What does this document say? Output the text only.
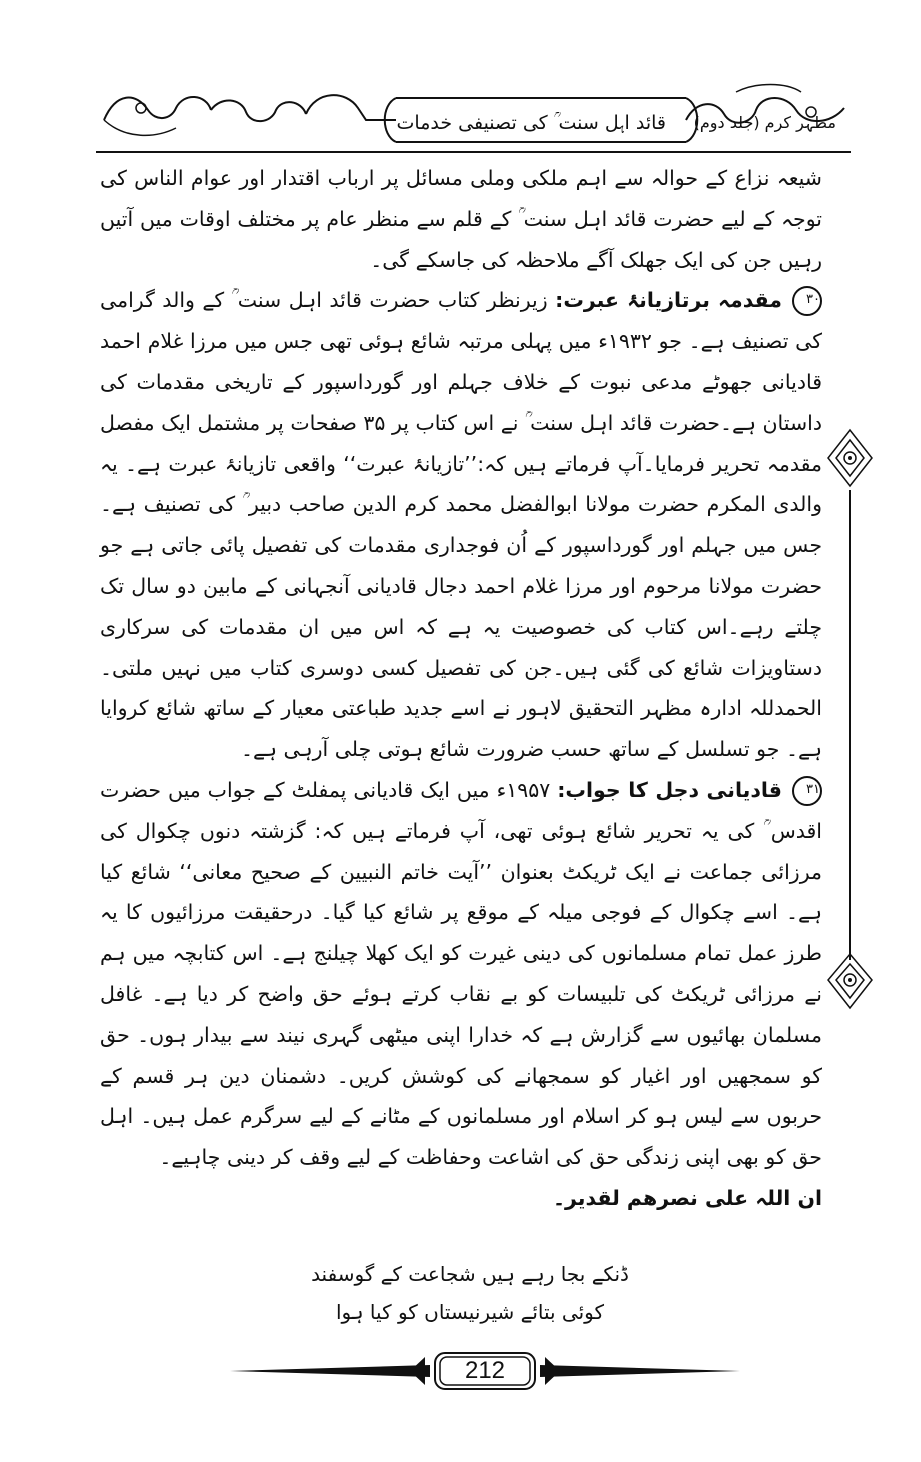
قائد اہل سنت ؒ کی تصنیفی خدمات مظہر کرم (جلد دوم)

شیعہ نزاع کے حوالہ سے اہم ملکی وملی مسائل پر ارباب اقتدار اور عوام الناس کی توجہ کے لیے حضرت قائد اہل سنت ؒ کے قلم سے منظر عام پر مختلف اوقات میں آتیں رہیں جن کی ایک جھلک آگے ملاحظہ کی جاسکے گی۔

۳۰مقدمہ برتازیانۂ عبرت: زیرنظر کتاب حضرت قائد اہل سنت ؒ کے والد گرامی کی تصنیف ہے۔ جو ۱۹۳۲ء میں پہلی مرتبہ شائع ہوئی تھی جس میں مرزا غلام احمد قادیانی جھوٹے مدعی نبوت کے خلاف جہلم اور گورداسپور کے تاریخی مقدمات کی داستان ہے۔حضرت قائد اہل سنت ؒ نے اس کتاب پر ۳۵ صفحات پر مشتمل ایک مفصل مقدمہ تحریر فرمایا۔آپ فرماتے ہیں کہ:’’تازیانۂ عبرت‘‘ واقعی تازیانۂ عبرت ہے۔ یہ والدی المکرم حضرت مولانا ابوالفضل محمد کرم الدین صاحب دبیر ؒ کی تصنیف ہے۔جس میں جہلم اور گورداسپور کے اُن فوجداری مقدمات کی تفصیل پائی جاتی ہے جو حضرت مولانا مرحوم اور مرزا غلام احمد دجال قادیانی آنجہانی کے مابین دو سال تک چلتے رہے۔اس کتاب کی خصوصیت یہ ہے کہ اس میں ان مقدمات کی سرکاری دستاویزات شائع کی گئی ہیں۔جن کی تفصیل کسی دوسری کتاب میں نہیں ملتی۔ الحمدللہ ادارہ مظہر التحقیق لاہور نے اسے جدید طباعتی معیار کے ساتھ شائع کروایا ہے۔ جو تسلسل کے ساتھ حسب ضرورت شائع ہوتی چلی آرہی ہے۔

۳۱قادیانی دجل کا جواب: ۱۹۵۷ء میں ایک قادیانی پمفلٹ کے جواب میں حضرت اقدس ؒ کی یہ تحریر شائع ہوئی تھی، آپ فرماتے ہیں کہ: گزشتہ دنوں چکوال کی مرزائی جماعت نے ایک ٹریکٹ بعنوان ’’آیت خاتم النبیین کے صحیح معانی‘‘ شائع کیا ہے۔ اسے چکوال کے فوجی میلہ کے موقع پر شائع کیا گیا۔ درحقیقت مرزائیوں کا یہ طرز عمل تمام مسلمانوں کی دینی غیرت کو ایک کھلا چیلنج ہے۔ اس کتابچہ میں ہم نے مرزائی ٹریکٹ کی تلبیسات کو بے نقاب کرتے ہوئے حق واضح کر دیا ہے۔ غافل مسلمان بھائیوں سے گزارش ہے کہ خدارا اپنی میٹھی گہری نیند سے بیدار ہوں۔ حق کو سمجھیں اور اغیار کو سمجھانے کی کوشش کریں۔ دشمنان دین ہر قسم کے حربوں سے لیس ہو کر اسلام اور مسلمانوں کے مٹانے کے لیے سرگرم عمل ہیں۔ اہل حق کو بھی اپنی زندگی حق کی اشاعت وحفاظت کے لیے وقف کر دینی چاہیے۔

ان اللہ علی نصرھم لقدیر۔

ڈنکے بجا رہے ہیں شجاعت کے گوسفند
کوئی بتائے شیرنیستاں کو کیا ہوا
212
